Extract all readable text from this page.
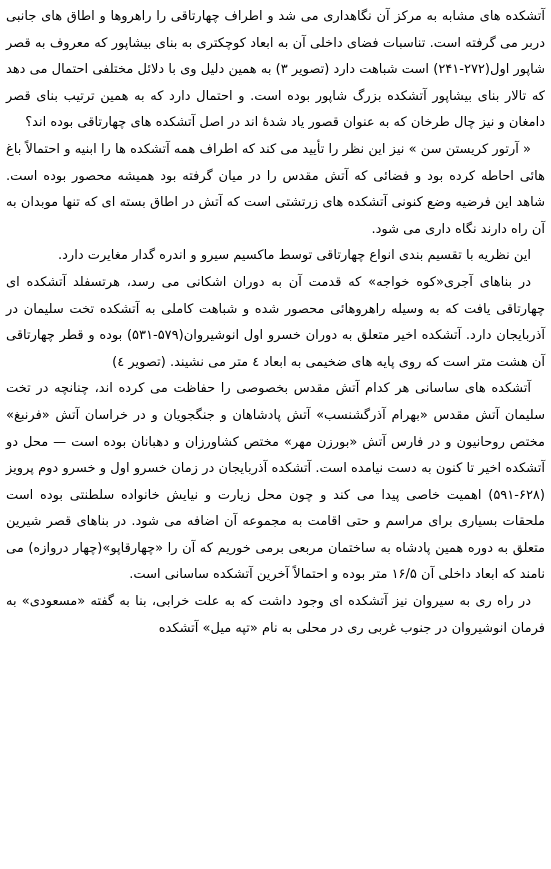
آتشکده های مشابه به مرکز آن نگاهداری می شد و اطراف چهارتاقی را راهروها و اطاق های جانبی دربر می گرفته است. تناسبات فضای داخلی آن به ابعاد کوچکتری به بنای بیشاپور که معروف به قصر شاپور اول(۲۷۲-۲۴۱) است شباهت دارد (تصویر ۳) به همین دلیل وی با دلائل مختلفی احتمال می دهد که تالار بنای بیشاپور آتشکده بزرگ شاپور بوده است. و احتمال دارد که به همین ترتیب بنای قصر دامغان و نیز چال طرخان که به عنوان قصور یاد شدهٔ اند در اصل آتشکده های چهارتاقی بوده اند؟

« آرتور کریستن سن » نیز این نظر را تأیید می کند که اطراف همه آتشکده ها را ابنیه و احتمالاً باغ هائی احاطه کرده بود و فضائی که آتش مقدس را در میان گرفته بود همیشه محصور بوده است. شاهد این فرضیه وضع کنونی آتشکده های زرتشتی است که آتش در اطاق بسته ای که تنها موبدان به آن راه دارند نگاه داری می شود.

این نظریه با تقسیم بندی انواع چهارتاقی توسط ماکسیم سیرو و اندره گدار مغایرت دارد.

در بناهای آجری«کوه خواجه» که قدمت آن به دوران اشکانی می رسد، هرتسفلد آتشکده ای چهارتاقی یافت که به وسیله راهروهائی محصور شده و شباهت کاملی به آتشکده تخت سلیمان در آذربایجان دارد. آتشکده اخیر متعلق به دوران خسرو اول انوشیروان(۵۷۹-۵۳۱) بوده و قطر چهارتاقی آن هشت متر است که روی پایه های ضخیمی به ابعاد ٤ متر می نشیند. (تصویر ٤)

آتشکده های ساسانی هر کدام آتش مقدس بخصوصی را حفاظت می کرده اند، چنانچه در تخت سلیمان آتش مقدس «بهرام آذرگشنسب» آتش پادشاهان و جنگجویان و در خراسان آتش «فرنبغ» مختص روحانیون و در فارس آتش «بورزن مهر» مختص کشاورزان و دهبانان بوده است — محل دو آتشکده اخیر تا کنون به دست نیامده است. آتشکده آذربایجان در زمان خسرو اول و خسرو دوم پرویز (۶۲۸-۵۹۱) اهمیت خاصی پیدا می کند و چون محل زیارت و نیایش خانواده سلطنتی بوده است ملحقات بسیاری برای مراسم و حتی اقامت به مجموعه آن اضافه می شود. در بناهای قصر شیرین متعلق به دوره همین پادشاه به ساختمان مربعی برمی خوریم که آن را «چهارقاپو»(چهار دروازه) می نامند که ابعاد داخلی آن ۱۶/۵ متر بوده و احتمالاً آخرین آتشکده ساسانی است.

در راه ری به سیروان نیز آتشکده ای وجود داشت که به علت خرابی، بنا به گفته «مسعودی» به فرمان انوشیروان در جنوب غربی ری در محلی به نام «تپه میل» آتشکده
